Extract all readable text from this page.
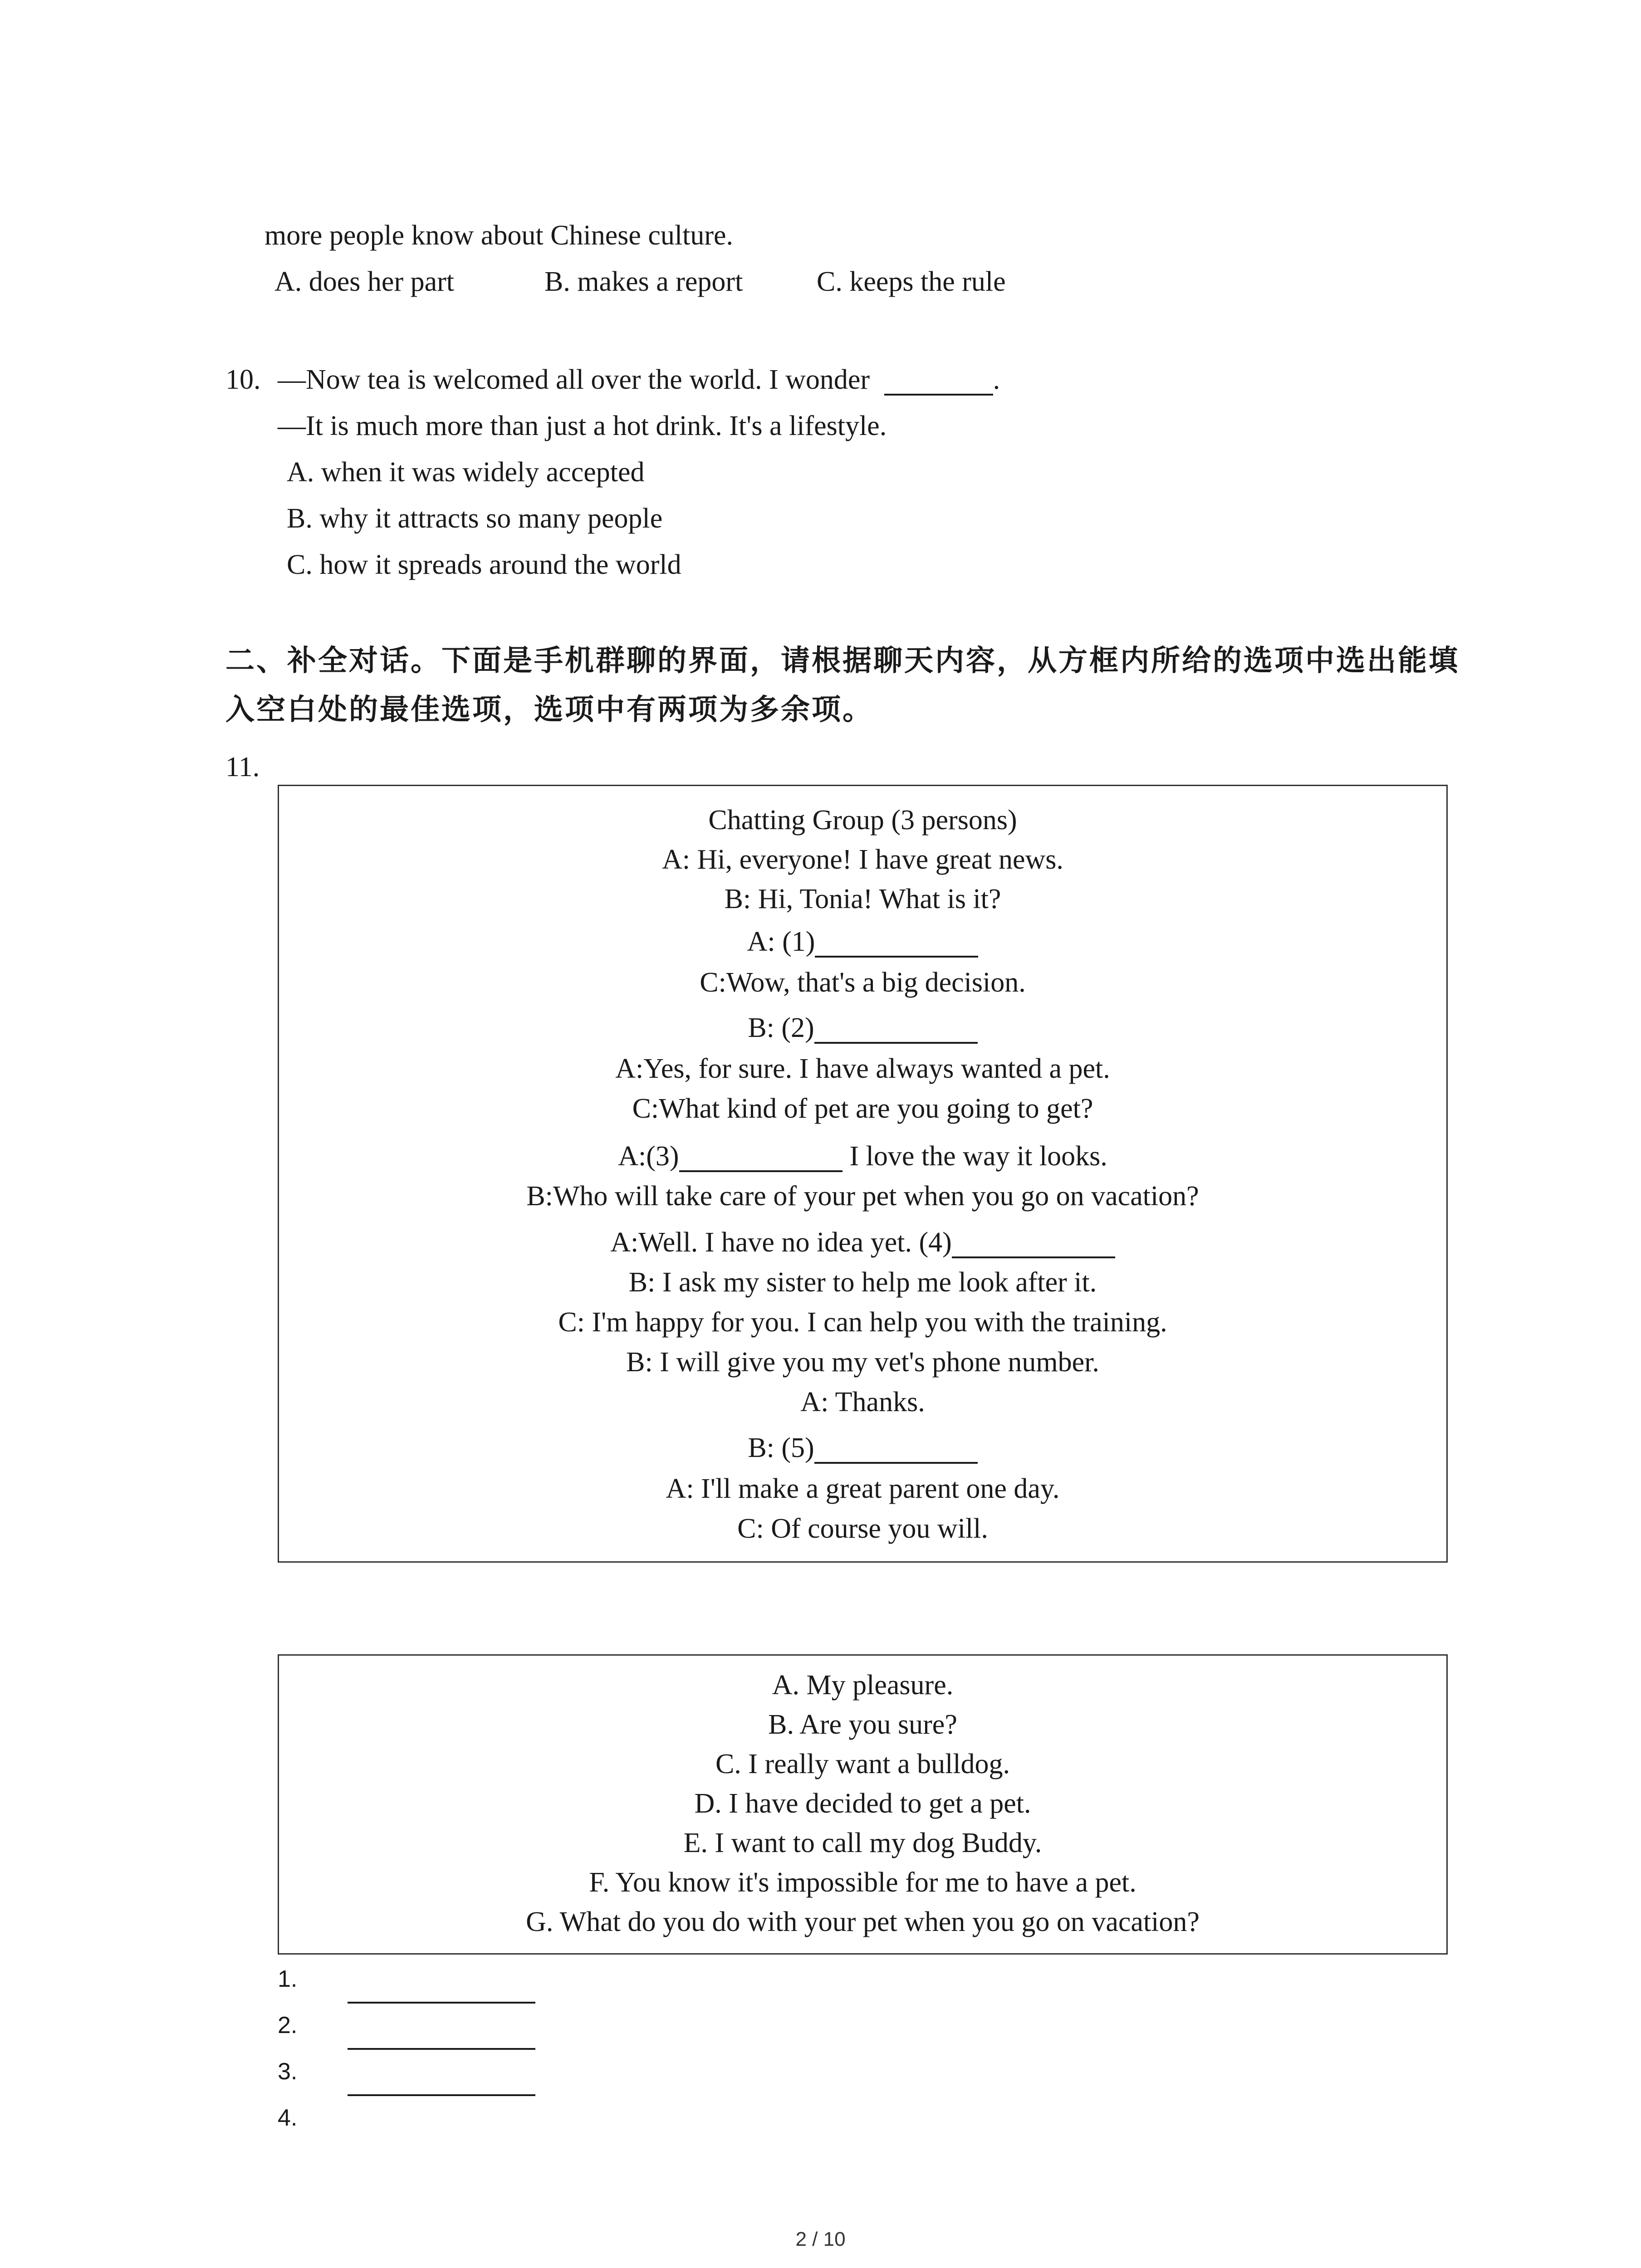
more people know about Chinese culture.
A. does her part	B. makes a report	C. keeps the rule
10. —Now tea is welcomed all over the world. I wonder	.
—It is much more than just a hot drink. It's a lifestyle.
A. when it was widely accepted
B. why it attracts so many people
C. how it spreads around the world
二、补全对话。下面是手机群聊的界面，请根据聊天内容，从方框内所给的选项中选出能填
入空白处的最佳选项，选项中有两项为多余项。
11.
Chatting Group (3 persons)
A: Hi, everyone! I have great news.
B: Hi, Tonia! What is it?
A: (1)
C:Wow, that's a big decision.
B: (2)
A:Yes, for sure. I have always wanted a pet.
C:What kind of pet are you going to get?
A:(3)	I love the way it looks.
B:Who will take care of your pet when you go on vacation?
A:Well. I have no idea yet. (4)
B: I ask my sister to help me look after it.
C: I'm happy for you. I can help you with the training.
B: I will give you my vet's phone number.
A: Thanks.
B: (5)
A: I'll make a great parent one day.
C: Of course you will.
A. My pleasure.
B. Are you sure?
C. I really want a bulldog.
D. I have decided to get a pet.
E. I want to call my dog Buddy.
F. You know it's impossible for me to have a pet.
G. What do you do with your pet when you go on vacation?
1.
2.
3.
4.
2 / 10
